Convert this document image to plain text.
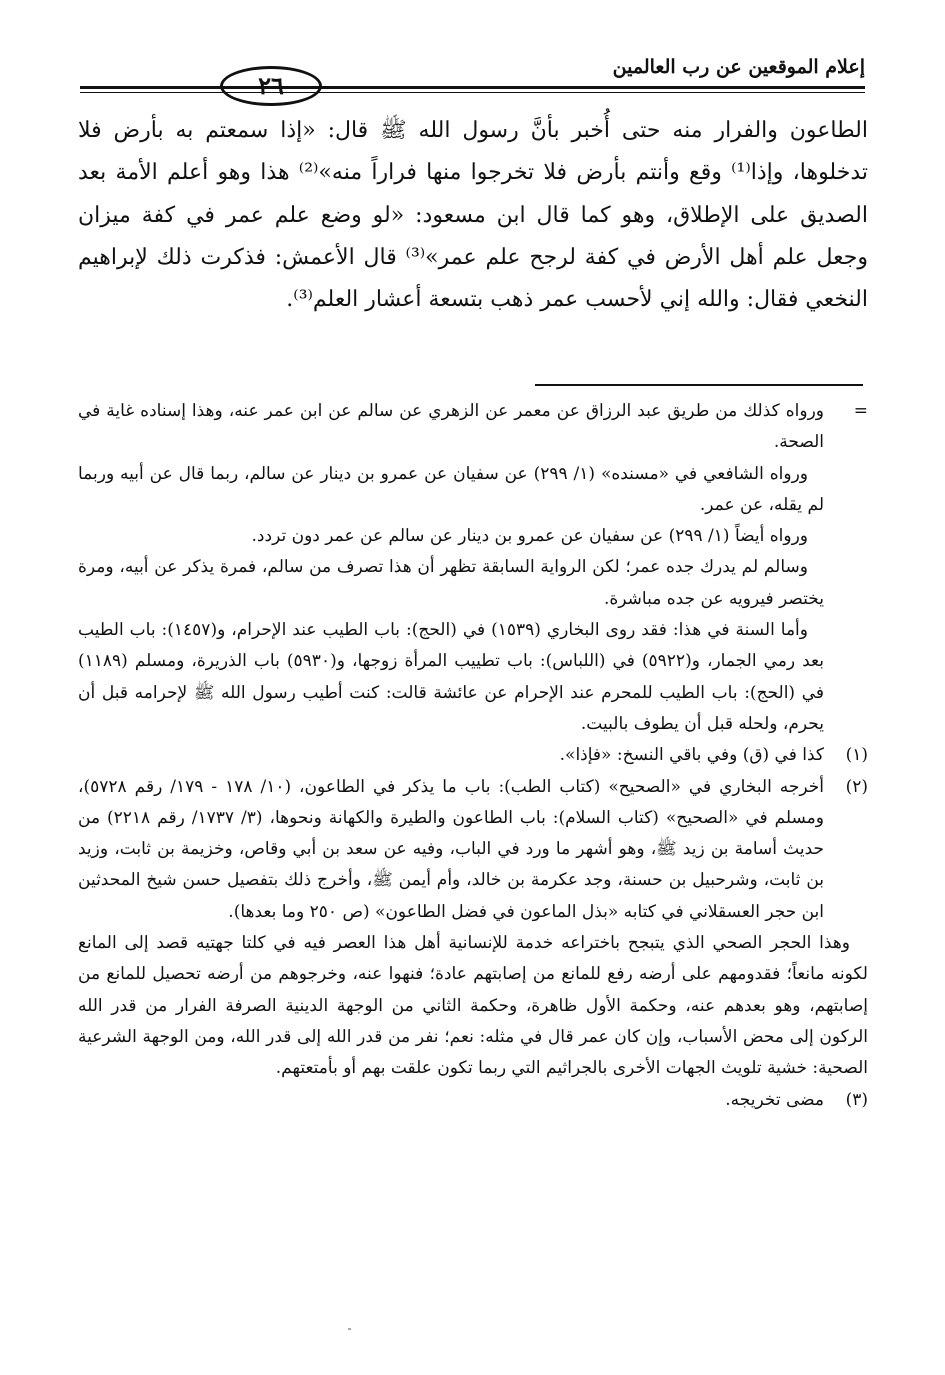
إعلام الموقعين عن رب العالمين

الطاعون والفرار منه حتى أُخبر بأنَّ رسول الله ﷺ قال: «إذا سمعتم به بأرض فلا تدخلوها، وإذا⁽¹⁾ وقع وأنتم بأرض فلا تخرجوا منها فراراً منه»⁽²⁾ هذا وهو أعلم الأمة بعد الصديق على الإطلاق، وهو كما قال ابن مسعود: «لو وضع علم عمر في كفة ميزان وجعل علم أهل الأرض في كفة لرجح علم عمر»⁽³⁾ قال الأعمش: فذكرت ذلك لإبراهيم النخعي فقال: والله إني لأحسب عمر ذهب بتسعة أعشار العلم⁽³⁾.

=
ورواه كذلك من طريق عبد الرزاق عن معمر عن الزهري عن سالم عن ابن عمر عنه، وهذا إسناده غاية في الصحة.

ورواه الشافعي في «مسنده» (١/ ٢٩٩) عن سفيان عن عمرو بن دينار عن سالم، ربما قال عن أبيه وربما لم يقله، عن عمر.

ورواه أيضاً (١/ ٢٩٩) عن سفيان عن عمرو بن دينار عن سالم عن عمر دون تردد.

وسالم لم يدرك جده عمر؛ لكن الرواية السابقة تظهر أن هذا تصرف من سالم، فمرة يذكر عن أبيه، ومرة يختصر فيرويه عن جده مباشرة.

وأما السنة في هذا: فقد روى البخاري (١٥٣٩) في (الحج): باب الطيب عند الإحرام، و(١٤٥٧): باب الطيب بعد رمي الجمار، و(٥٩٢٢) في (اللباس): باب تطييب المرأة زوجها، و(٥٩٣٠) باب الذريرة، ومسلم (١١٨٩) في (الحج): باب الطيب للمحرم عند الإحرام عن عائشة قالت: كنت أطيب رسول الله ﷺ لإحرامه قبل أن يحرم، ولحله قبل أن يطوف بالبيت.

(١)
كذا في (ق) وفي باقي النسخ: «فإذا».

(٢)
أخرجه البخاري في «الصحيح» (كتاب الطب): باب ما يذكر في الطاعون، (١٠/ ١٧٨ - ١٧٩/ رقم ٥٧٢٨)، ومسلم في «الصحيح» (كتاب السلام): باب الطاعون والطيرة والكهانة ونحوها، (٣/ ١٧٣٧/ رقم ٢٢١٨) من حديث أسامة بن زيد ﷺ، وهو أشهر ما ورد في الباب، وفيه عن سعد بن أبي وقاص، وخزيمة بن ثابت، وزيد بن ثابت، وشرحبيل بن حسنة، وجد عكرمة بن خالد، وأم أيمن ﷺ، وأخرج ذلك بتفصيل حسن شيخ المحدثين ابن حجر العسقلاني في كتابه «بذل الماعون في فضل الطاعون» (ص ٢٥٠ وما بعدها).

وهذا الحجر الصحي الذي يتبجح باختراعه خدمة للإنسانية أهل هذا العصر فيه في كلتا جهتيه قصد إلى المانع لكونه مانعاً؛ فقدومهم على أرضه رفع للمانع من إصابتهم عادة؛ فنهوا عنه، وخرجوهم من أرضه تحصيل للمانع من إصابتهم، وهو بعدهم عنه، وحكمة الأول ظاهرة، وحكمة الثاني من الوجهة الدينية الصرفة الفرار من قدر الله الركون إلى محض الأسباب، وإن كان عمر قال في مثله: نعم؛ نفر من قدر الله إلى قدر الله، ومن الوجهة الشرعية الصحية: خشية تلويث الجهات الأخرى بالجراثيم التي ربما تكون علقت بهم أو بأمتعتهم.

(٣)
مضى تخريجه.
